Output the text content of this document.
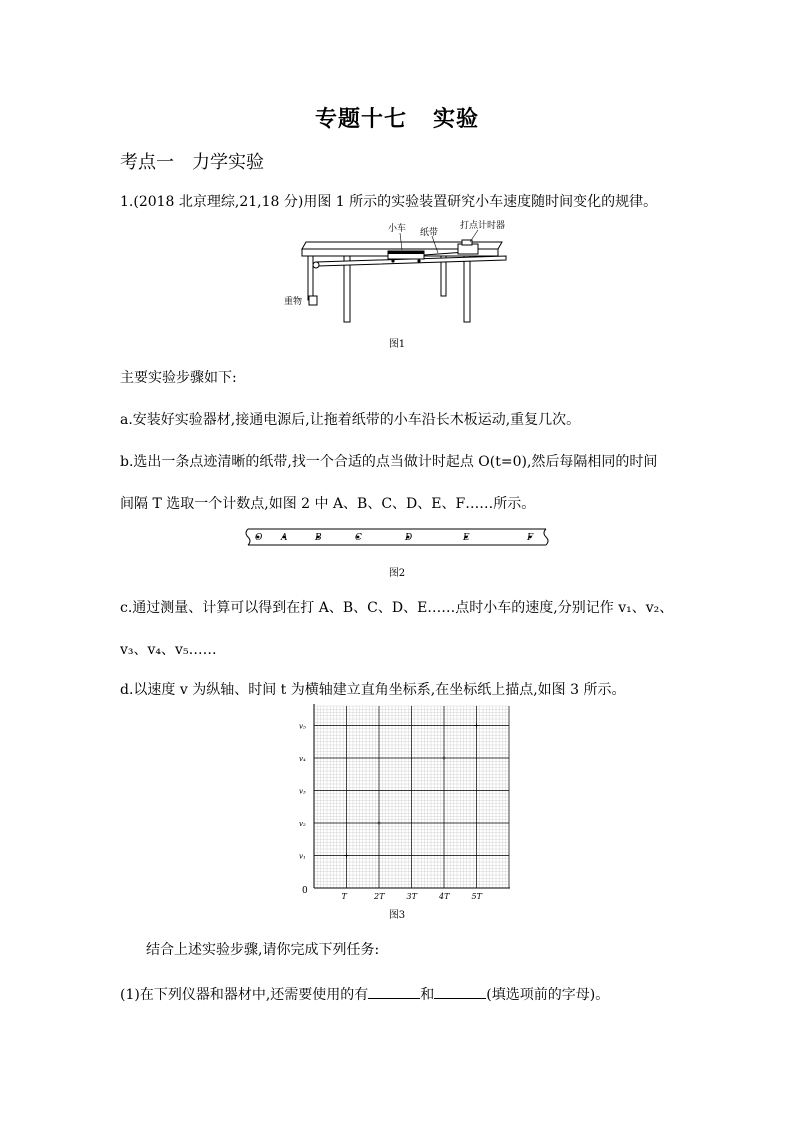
专题十七 实验
考点一 力学实验
1.(2018 北京理综,21,18 分)用图 1 所示的实验装置研究小车速度随时间变化的规律。
小车 纸带
打点计时器
重物
图1
主要实验步骤如下:
a.安装好实验器材,接通电源后,让拖着纸带的小车沿长木板运动,重复几次。
b.选出一条点迹清晰的纸带,找一个合适的点当做计时起点 O(t=0),然后每隔相同的时间
间隔 T 选取一个计数点,如图 2 中 A、B、C、D、E、F……所示。
O A	B	C	D	E	F
图2
c.通过测量、计算可以得到在打 A、B、C、D、E……点时小车的速度,分别记作 v₁、v₂、
v₃、v₄、v₅……
d.以速度 v 为纵轴、时间 t 为横轴建立直角坐标系,在坐标纸上描点,如图 3 所示。
0
v₁
v₂
v₃
v₄
v₅
T	2T	3T	4T	5T
图3
结合上述实验步骤,请你完成下列任务:
(1)在下列仪器和器材中,还需要使用的有	和	(填选项前的字母)。
